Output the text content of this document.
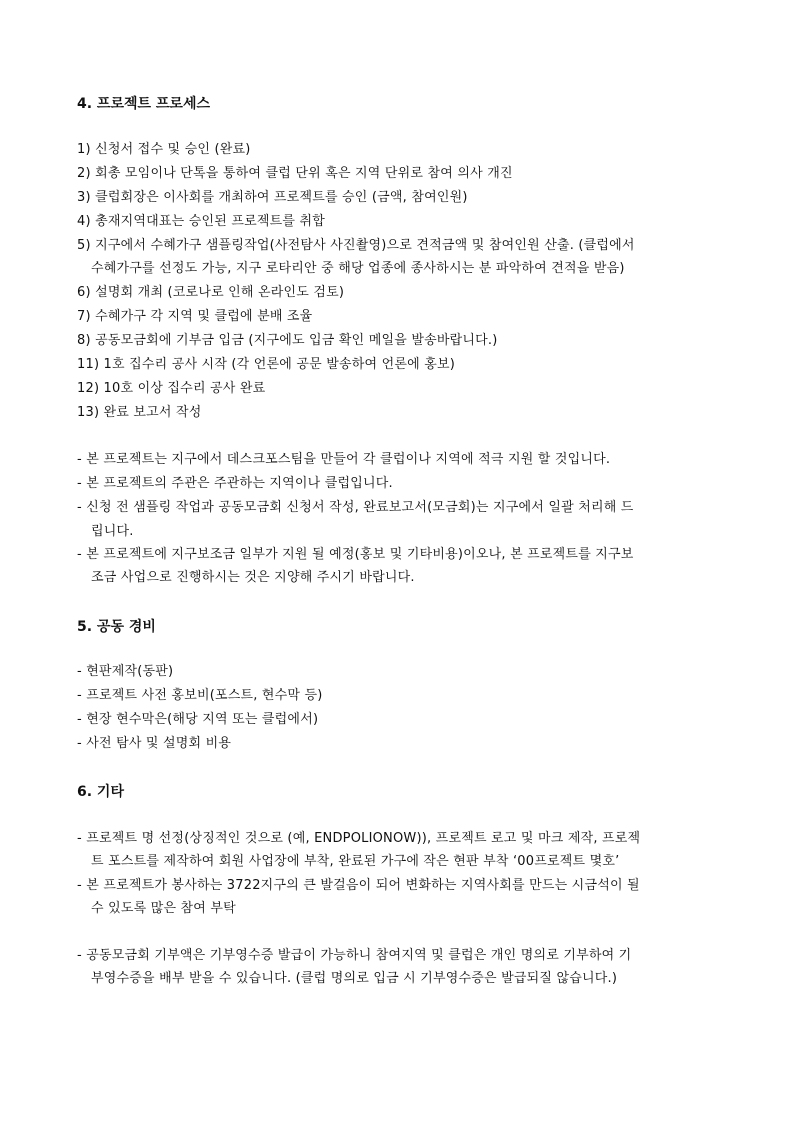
4. 프로젝트 프로세스
1) 신청서 접수 및 승인 (완료)
2) 회총 모임이나 단톡을 통하여 클럽 단위 혹은 지역 단위로 참여 의사 개진
3) 클럽회장은 이사회를 개최하여 프로젝트를 승인 (금액, 참여인원)
4) 총재지역대표는 승인된 프로젝트를 취합
5) 지구에서 수혜가구 샘플링작업(사전탐사 사진촬영)으로 견적금액 및 참여인원 산출. (클럽에서
수혜가구를 선정도 가능, 지구 로타리안 중 해당 업종에 종사하시는 분 파악하여 견적을 받음)
6) 설명회 개최 (코로나로 인해 온라인도 검토)
7) 수혜가구 각 지역 및 클럽에 분배 조율
8) 공동모금회에 기부금 입금 (지구에도 입금 확인 메일을 발송바랍니다.)
11) 1호 집수리 공사 시작 (각 언론에 공문 발송하여 언론에 홍보)
12) 10호 이상 집수리 공사 완료
13) 완료 보고서 작성
- 본 프로젝트는 지구에서 데스크포스팀을 만들어 각 클럽이나 지역에 적극 지원 할 것입니다.
- 본 프로젝트의 주관은 주관하는 지역이나 클럽입니다.
- 신청 전 샘플링 작업과 공동모금회 신청서 작성, 완료보고서(모금회)는 지구에서 일괄 처리해 드
립니다.
- 본 프로젝트에 지구보조금 일부가 지원 될 예정(홍보 및 기타비용)이오나, 본 프로젝트를 지구보
조금 사업으로 진행하시는 것은 지양해 주시기 바랍니다.
5. 공동 경비
- 현판제작(동판)
- 프로젝트 사전 홍보비(포스트, 현수막 등)
- 현장 현수막은(해당 지역 또는 클럽에서)
- 사전 탐사 및 설명회 비용
6. 기타
- 프로젝트 명 선정(상징적인 것으로 (예, ENDPOLIONOW)), 프로젝트 로고 및 마크 제작, 프로젝
트 포스트를 제작하여 회원 사업장에 부착, 완료된 가구에 작은 현판 부착 ‘00프로젝트 몇호’
- 본 프로젝트가 봉사하는 3722지구의 큰 발걸음이 되어 변화하는 지역사회를 만드는 시금석이 될
수 있도록 많은 참여 부탁
- 공동모금회 기부액은 기부영수증 발급이 가능하니 참여지역 및 클럽은 개인 명의로 기부하여 기
부영수증을 배부 받을 수 있습니다. (클럽 명의로 입금 시 기부영수증은 발급되질 않습니다.)
